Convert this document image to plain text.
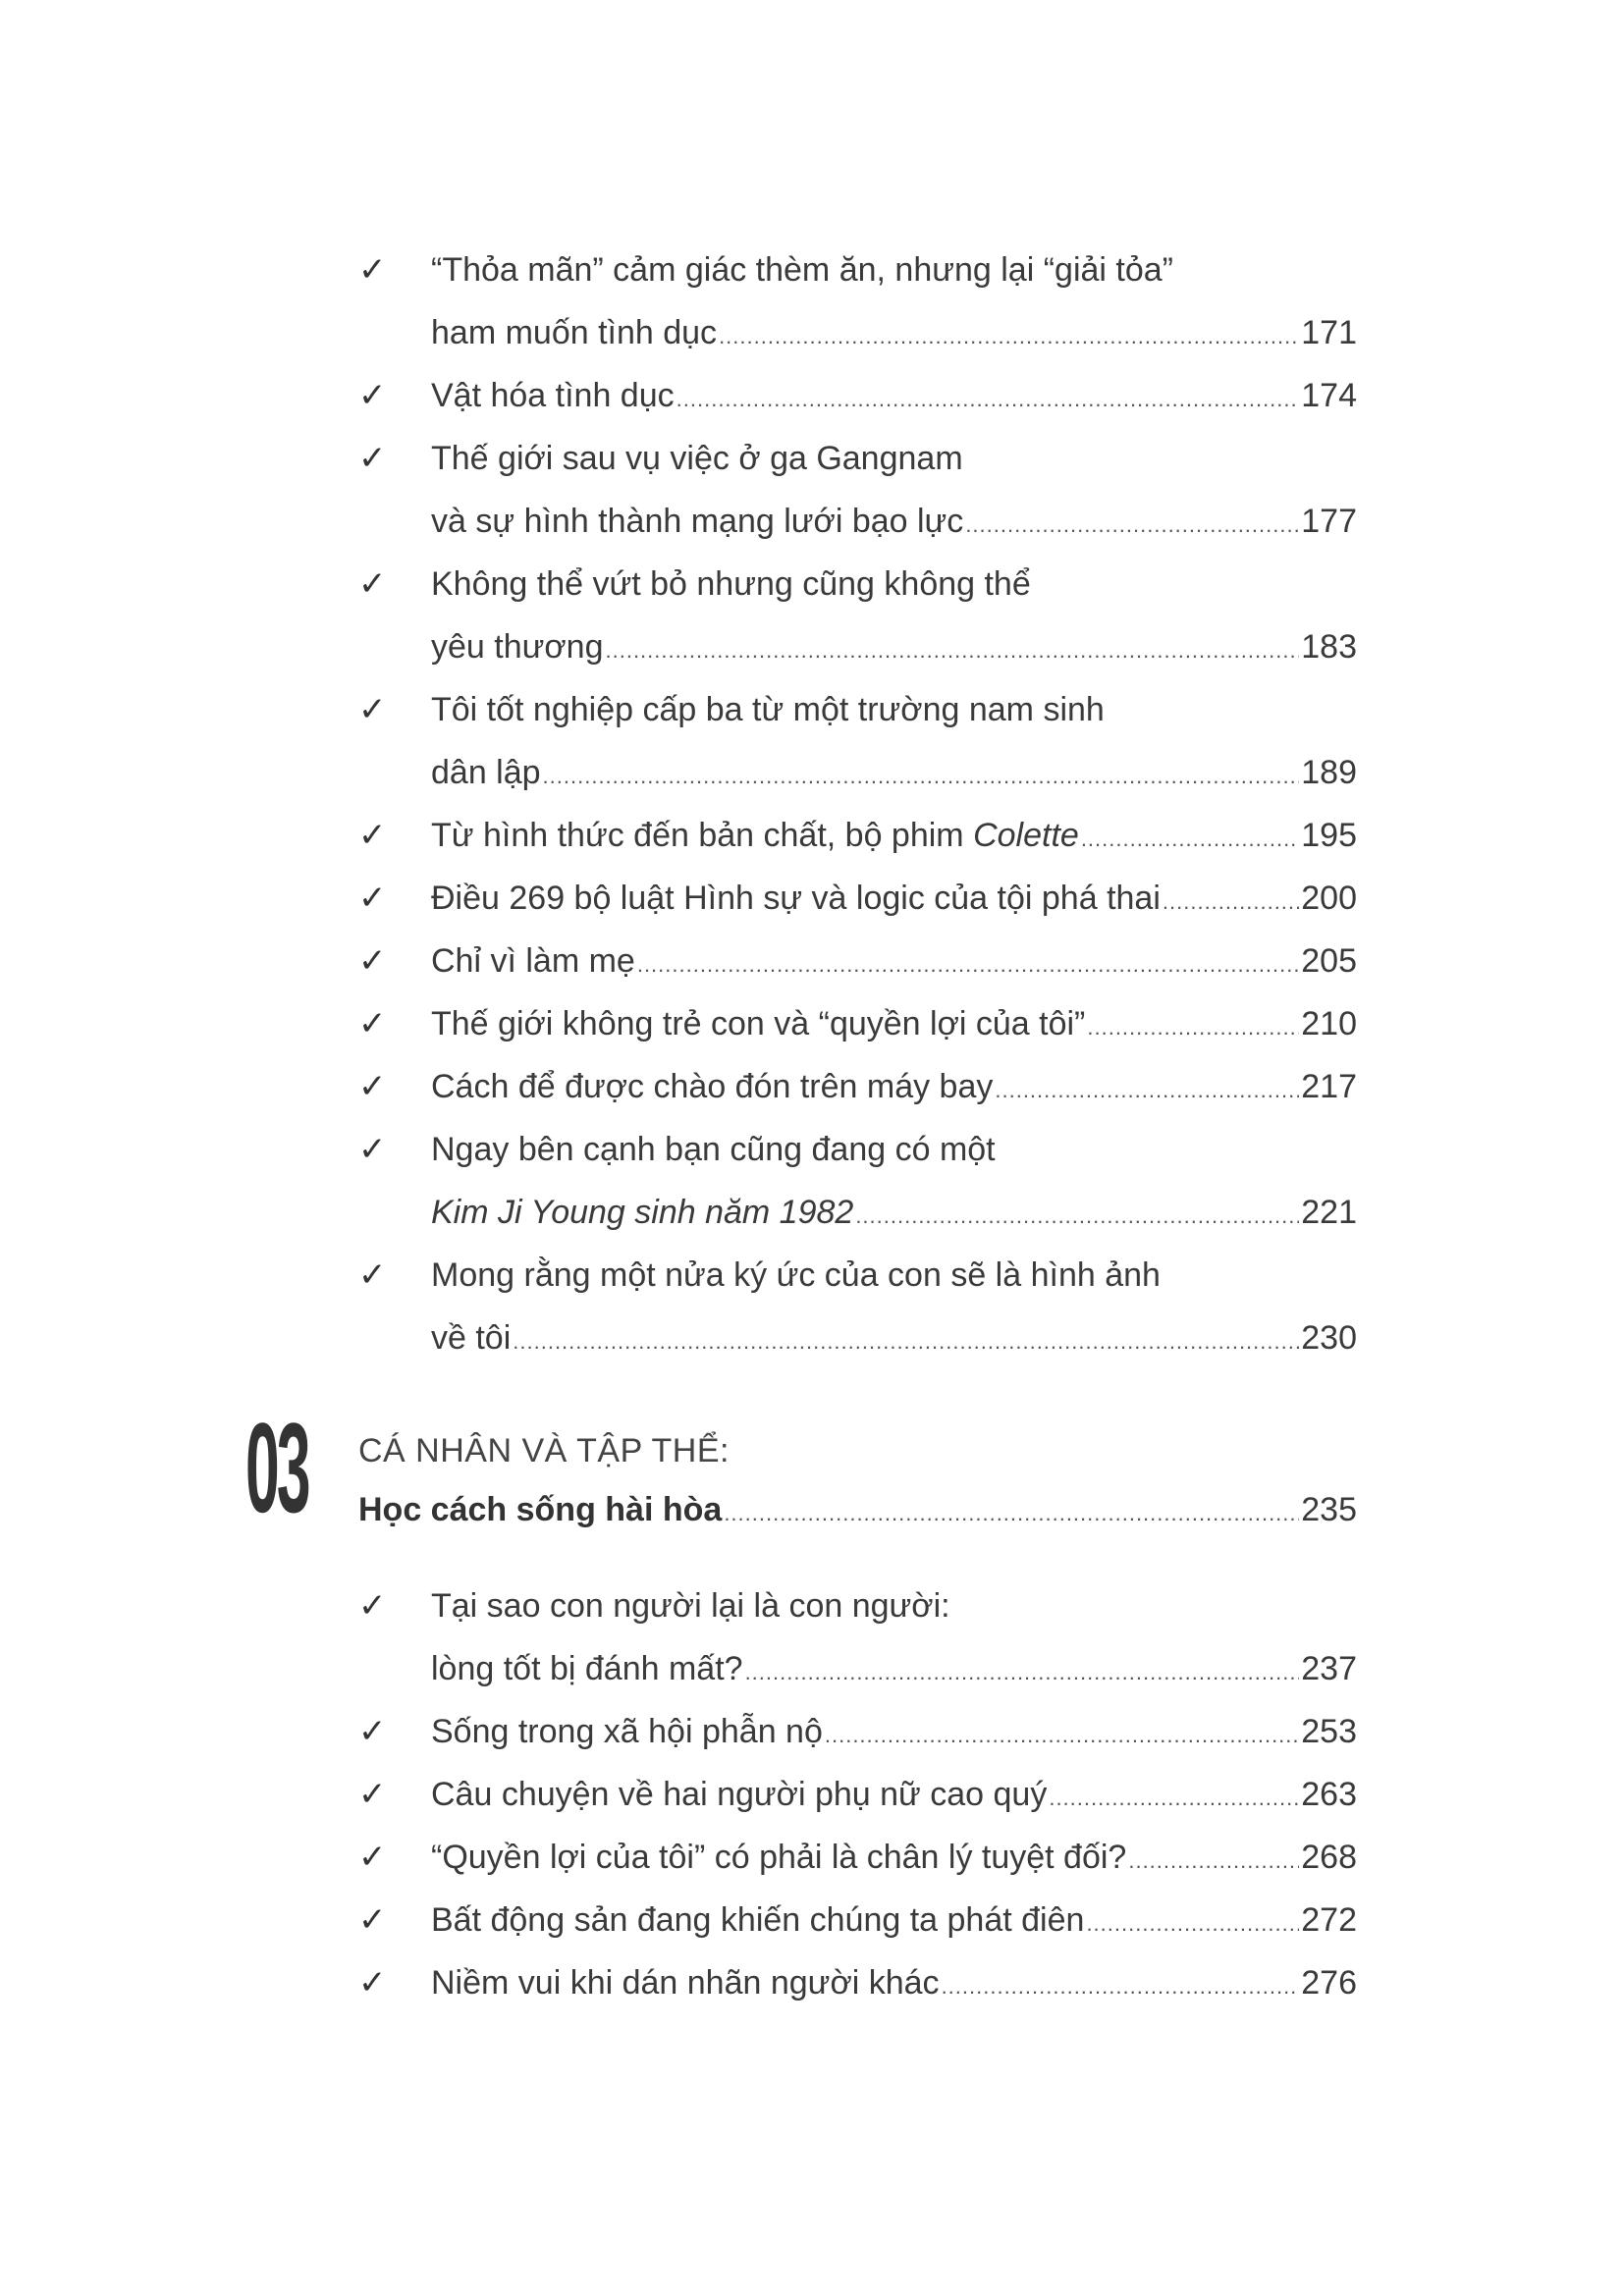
✓ “Thỏa mãn” cảm giác thèm ăn, nhưng lại “giải tỏa”
ham muốn tình dục .....	171
✓ Vật hóa tình dục .....	174
✓ Thế giới sau vụ việc ở ga Gangnam
và sự hình thành mạng lưới bạo lực .....	177
✓ Không thể vứt bỏ nhưng cũng không thể
yêu thương .....	183
✓ Tôi tốt nghiệp cấp ba từ một trường nam sinh
dân lập .....	189
✓ Từ hình thức đến bản chất, bộ phim Colette .....	195
✓ Điều 269 bộ luật Hình sự và logic của tội phá thai .....	200
✓ Chỉ vì làm mẹ .....	205
✓ Thế giới không trẻ con và “quyền lợi của tôi” .....	210
✓ Cách để được chào đón trên máy bay .....	217
✓ Ngay bên cạnh bạn cũng đang có một
Kim Ji Young sinh năm 1982 .....	221
✓ Mong rằng một nửa ký ức của con sẽ là hình ảnh
về tôi .....	230
03 CÁ NHÂN VÀ TẬP THỂ:
Học cách sống hài hòa .....	235
✓ Tại sao con người lại là con người:
lòng tốt bị đánh mất? .....	237
✓ Sống trong xã hội phẫn nộ .....	253
✓ Câu chuyện về hai người phụ nữ cao quý .....	263
✓ “Quyền lợi của tôi” có phải là chân lý tuyệt đối? .....	268
✓ Bất động sản đang khiến chúng ta phát điên .....	272
✓ Niềm vui khi dán nhãn người khác .....	276
